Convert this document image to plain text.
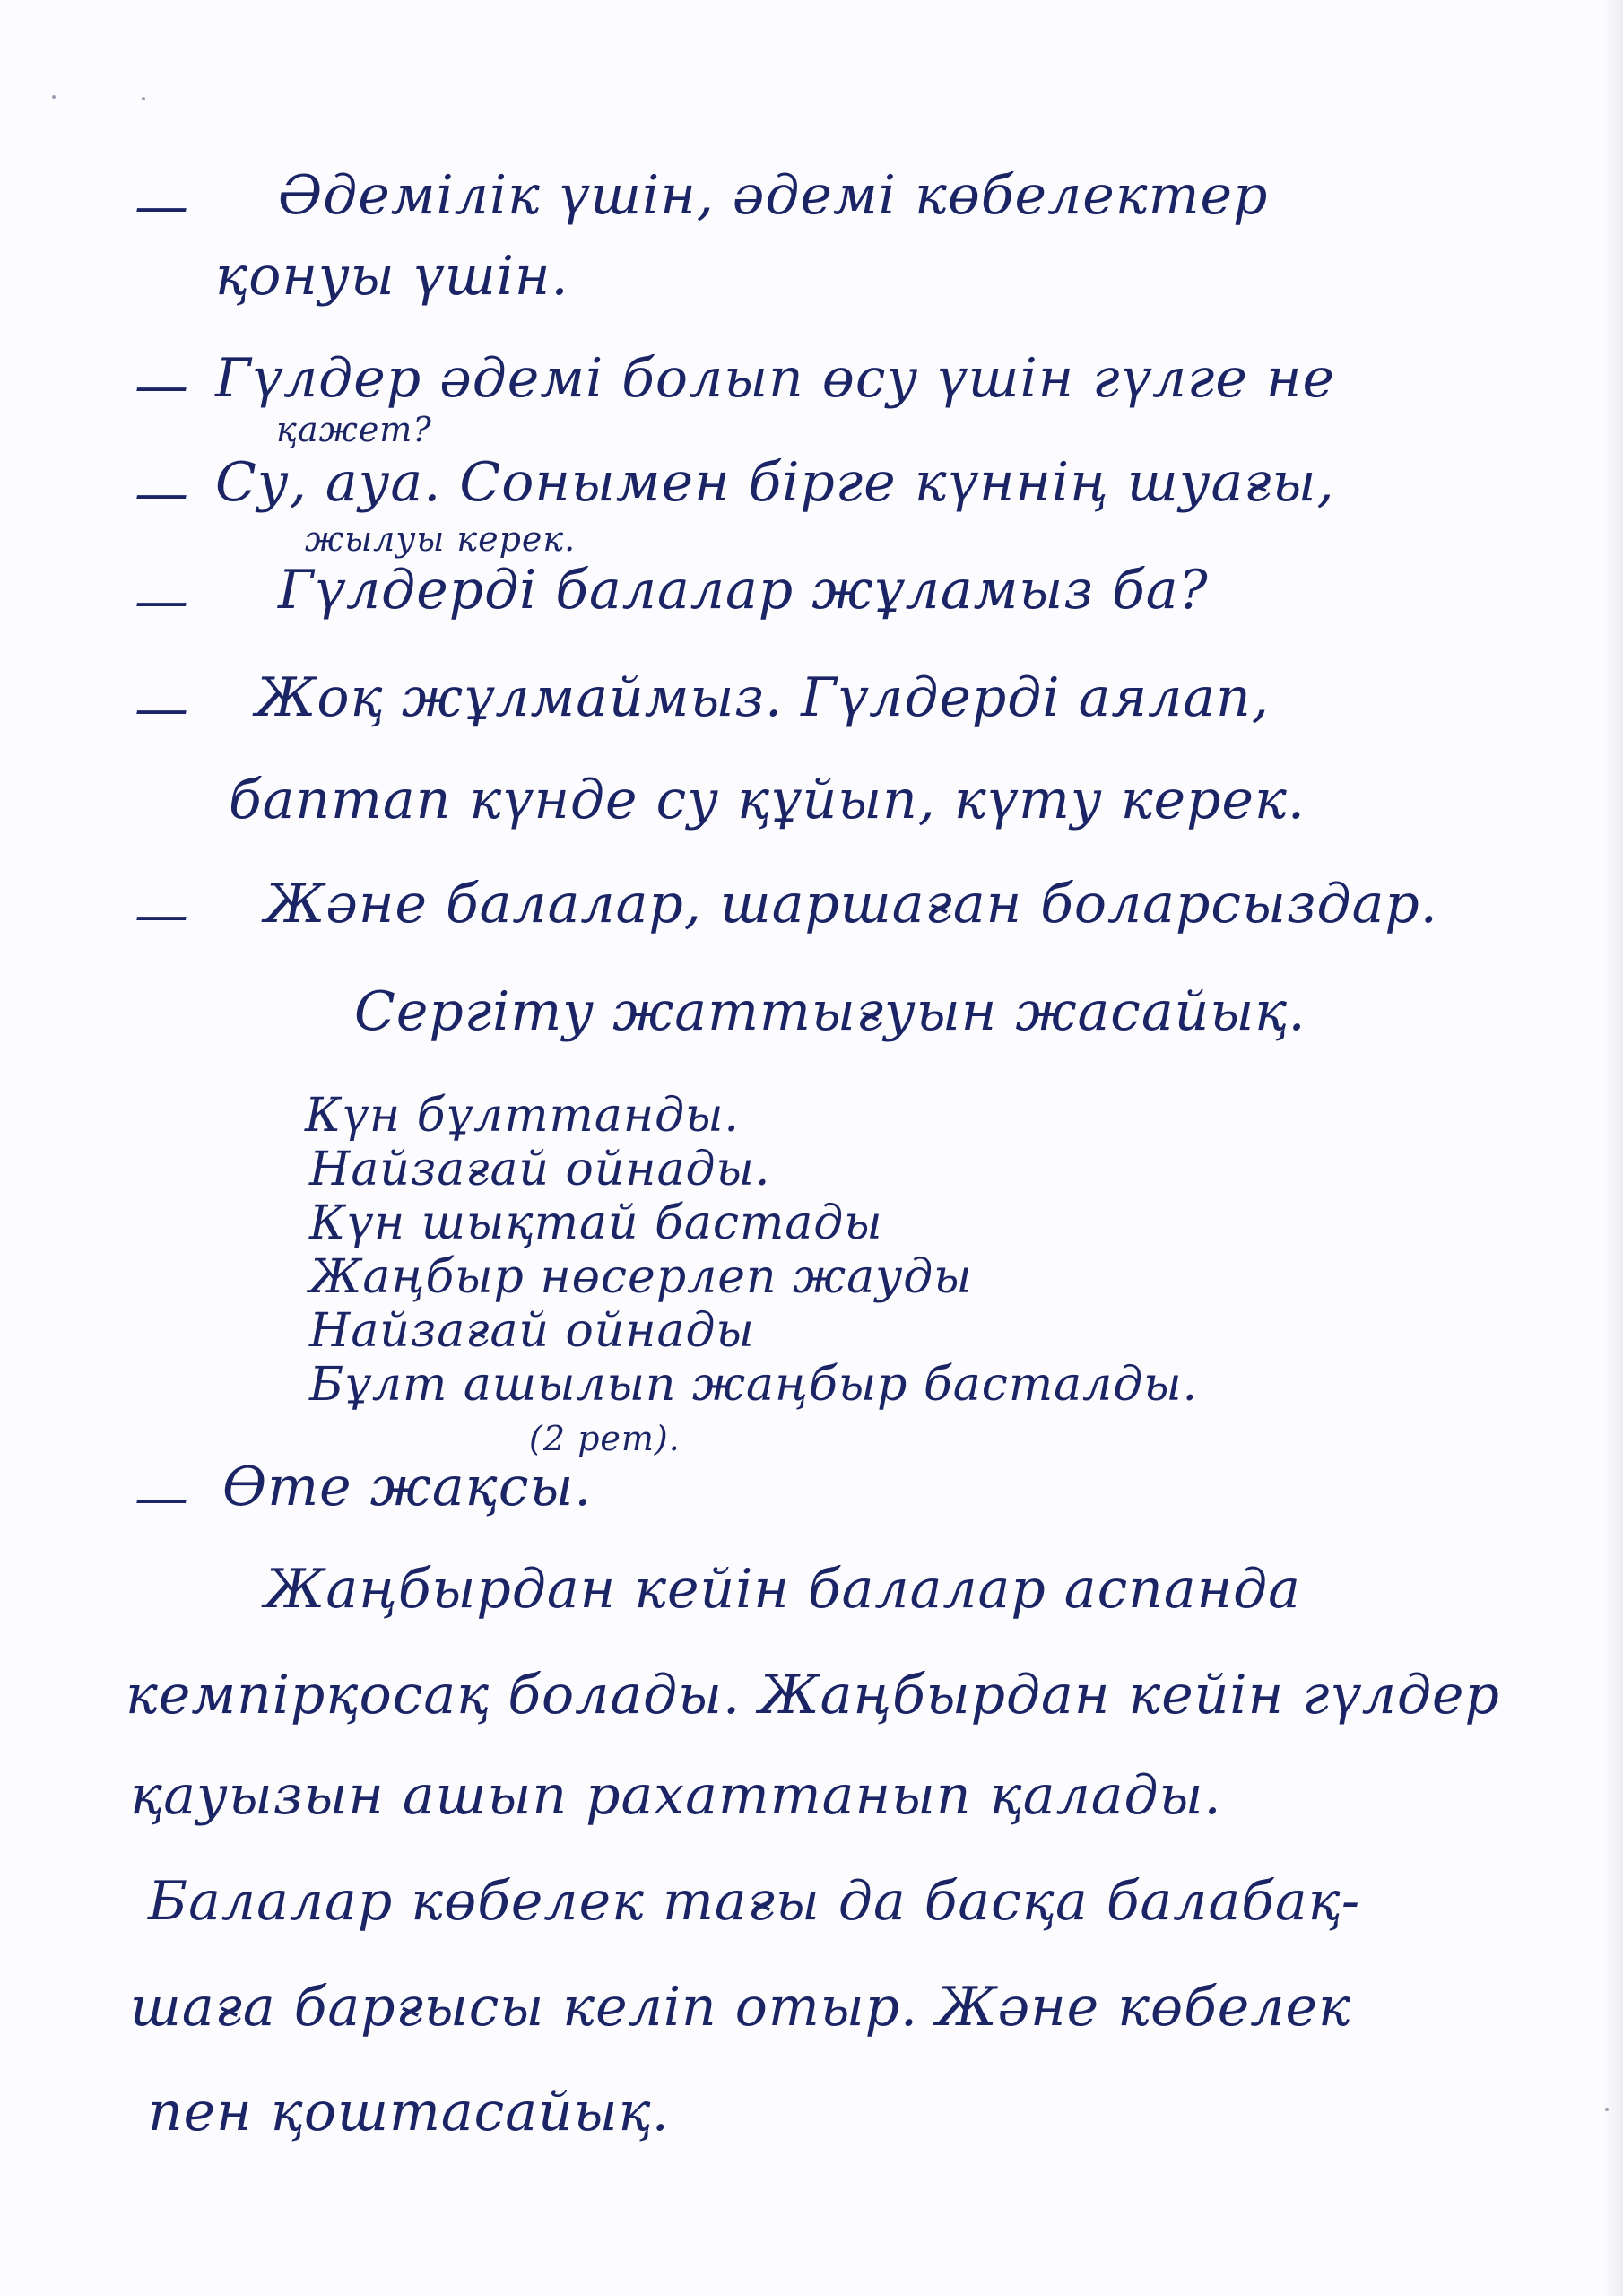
— Әдемілік үшін, әдемі көбелектер
қонуы үшін.
— Гүлдер әдемі болып өсу үшін гүлге не
қажет?
— Су, ауа. Сонымен бірге күннің шуағы,
жылуы керек.
— Гүлдерді балалар жұламыз ба?
— Жоқ жұлмаймыз. Гүлдерді аялап,
баптап күнде су құйып, күту керек.
— Және балалар, шаршаған боларсыздар.
Сергіту жаттығуын жасайық.
Күн бұлттанды.
Найзағай ойнады.
Күн шықтай бастады
Жаңбыр нөсерлеп жауды
Найзағай ойнады
Бұлт ашылып жаңбыр басталды.
(2 рет).
— Өте жақсы.
Жаңбырдан кейін балалар аспанда
кемпірқосақ болады. Жаңбырдан кейін гүлдер
қауызын ашып рахаттанып қалады.
Балалар көбелек тағы да басқа балабақ-
шаға барғысы келіп отыр. Және көбелек
пен қоштасайық.
